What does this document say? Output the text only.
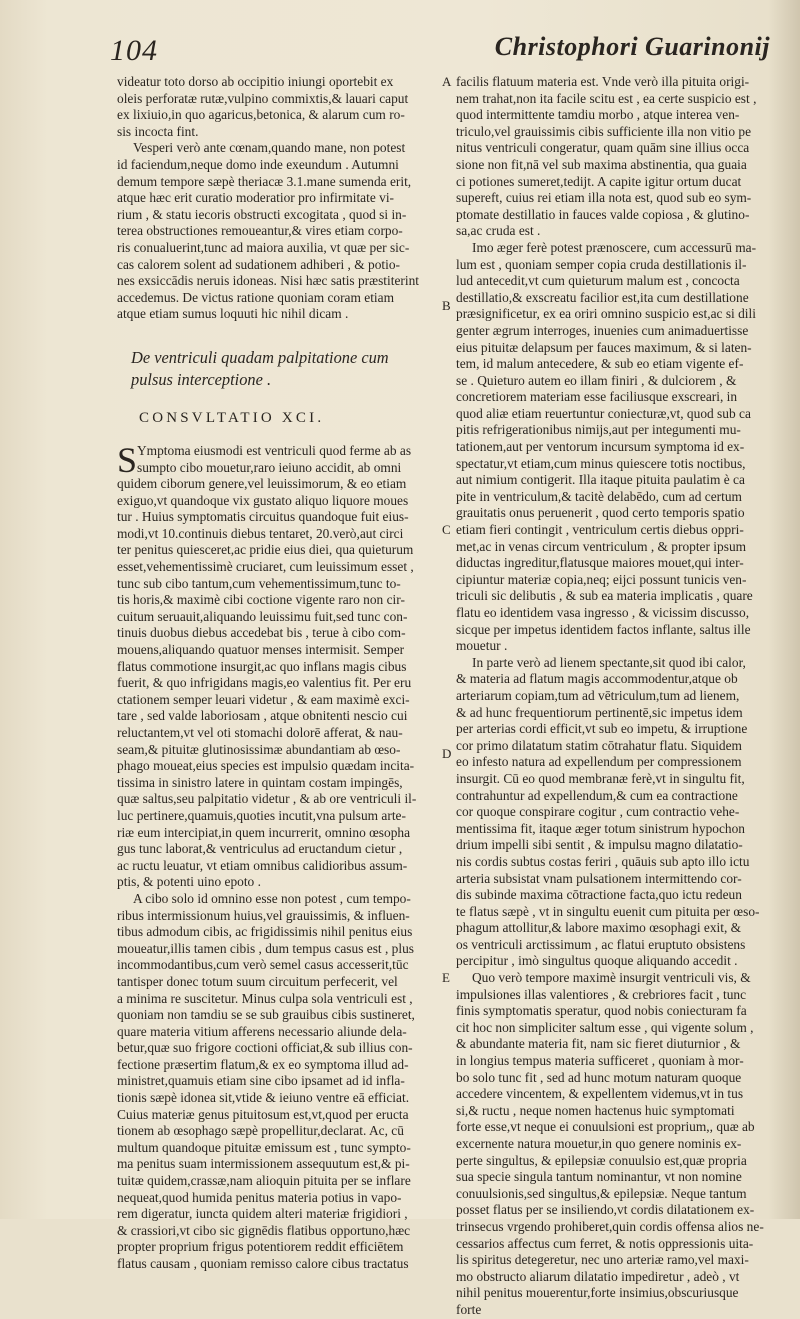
104	Christophori Guarinonij
A
B
C
D
E
videatur toto dorso ab occipitio iniungi oportebit ex
oleis perforatæ rutæ,vulpino commixtis,& lauari caput
ex lixiuio,in quo agaricus,betonica, & alarum cum ro-
sis incocta fint.
Vesperi verò ante cœnam,quando mane, non potest
id faciendum,neque domo inde exeundum . Autumni
demum tempore sæpè theriacæ 3.1.mane sumenda erit,
atque hæc erit curatio moderatior pro infirmitate vi-
rium , & statu iecoris obstructi excogitata , quod si in-
terea obstructiones remoueantur,& vires etiam corpo-
ris conualuerint,tunc ad maiora auxilia, vt quæ per sic-
cas calorem solent ad sudationem adhiberi , & potio-
nes exsiccādis neruis idoneas. Nisi hæc satis præstiterint
accedemus. De victus ratione quoniam coram etiam
atque etiam sumus loquuti hic nihil dicam .
De ventriculi quadam palpitatione cum
pulsus interceptione .
CONSVLTATIO XCI.
S Ymptoma eiusmodi est ventriculi quod ferme ab as
sumpto cibo mouetur,raro ieiuno accidit, ab omni
quidem ciborum genere,vel leuissimorum, & eo etiam
exiguo,vt quandoque vix gustato aliquo liquore moues
tur . Huius symptomatis circuitus quandoque fuit eius-
modi,vt 10.continuis diebus tentaret, 20.verò,aut circi
ter penitus quiesceret,ac pridie eius diei, qua quieturum
esset,vehementissimè cruciaret, cum leuissimum esset ,
tunc sub cibo tantum,cum vehementissimum,tunc to-
tis horis,& maximè cibi coctione vigente raro non cir-
cuitum seruauit,aliquando leuissimu fuit,sed tunc con-
tinuis duobus diebus accedebat bis , terue à cibo com-
mouens,aliquando quatuor menses intermisit. Semper
flatus commotione insurgit,ac quo inflans magis cibus
fuerit, & quo infrigidans magis,eo valentius fit. Per eru
ctationem semper leuari videtur , & eam maximè exci-
tare , sed valde laboriosam , atque obnitenti nescio cui
reluctantem,vt vel oti stomachi dolorē afferat, & nau-
seam,& pituitæ glutinosissimæ abundantiam ab œso-
phago moueat,eius species est impulsio quædam incita-
tissima in sinistro latere in quintam costam impingēs,
quæ saltus,seu palpitatio videtur , & ab ore ventriculi il-
luc pertinere,quamuis,quoties incutit,vna pulsum arte-
riæ eum intercipiat,in quem incurrerit, omnino œsopha
gus tunc laborat,& ventriculus ad eructandum cietur ,
ac ructu leuatur, vt etiam omnibus calidioribus assum-
ptis, & potenti uino epoto .
A cibo solo id omnino esse non potest , cum tempo-
ribus intermissionum huius,vel grauissimis, & influen-
tibus admodum cibis, ac frigidissimis nihil penitus eius
moueatur,illis tamen cibis , dum tempus casus est , plus
incommodantibus,cum verò semel casus accesserit,tūc
tantisper donec totum suum circuitum perfecerit, vel
a minima re suscitetur. Minus culpa sola ventriculi est ,
quoniam non tamdiu se se sub grauibus cibis sustineret,
quare materia vitium afferens necessario aliunde dela-
betur,quæ suo frigore coctioni officiat,& sub illius con-
fectione præsertim flatum,& ex eo symptoma illud ad-
ministret,quamuis etiam sine cibo ipsamet ad id infla-
tionis sæpè idonea sit,vtide & ieiuno ventre eā efficiat.
Cuius materiæ genus pituitosum est,vt,quod per eructa
tionem ab œsophago sæpè propellitur,declarat. Ac, cū
multum quandoque pituitæ emissum est , tunc sympto-
ma penitus suam intermissionem assequutum est,& pi-
tuitæ quidem,crassæ,nam alioquin pituita per se inflare
nequeat,quod humida penitus materia potius in vapo-
rem digeratur, iuncta quidem alteri materiæ frigidiori ,
& crassiori,vt cibo sic gignēdis flatibus opportuno,hæc
propter proprium frigus potentiorem reddit efficiētem
flatus causam , quoniam remisso calore cibus tractatus
facilis flatuum materia est. Vnde verò illa pituita origi-
nem trahat,non ita facile scitu est , ea certe suspicio est ,
quod intermittente tamdiu morbo , atque interea ven-
triculo,vel grauissimis cibis sufficiente illa non vitio pe
nitus ventriculi congeratur, quam quām sine illius occa
sione non fit,nā vel sub maxima abstinentia, qua guaia
ci potiones sumeret,tedijt. A capite igitur ortum ducat
supereft, cuius rei etiam illa nota est, quod sub eo sym-
ptomate destillatio in fauces valde copiosa , & glutino-
sa,ac cruda est .
Imo æger ferè potest prænoscere, cum accessurū ma-
lum est , quoniam semper copia cruda destillationis il-
lud antecedit,vt cum quieturum malum est , concocta
destillatio,& exscreatu facilior est,ita cum destillatione
præsignificetur, ex ea oriri omnino suspicio est,ac si dili
genter ægrum interroges, inuenies cum animaduertisse
eius pituitæ delapsum per fauces maximum, & si laten-
tem, id malum antecedere, & sub eo etiam vigente ef-
se . Quieturo autem eo illam finiri , & dulciorem , &
concretiorem materiam esse faciliusque exscreari, in
quod aliæ etiam reuertuntur coniecturæ,vt, quod sub ca
pitis refrigerationibus nimijs,aut per integumenti mu-
tationem,aut per ventorum incursum symptoma id ex-
spectatur,vt etiam,cum minus quiescere totis noctibus,
aut nimium contigerit. Illa itaque pituita paulatim è ca
pite in ventriculum,& tacitè delabēdo, cum ad certum
grauitatis onus peruenerit , quod certo temporis spatio
etiam fieri contingit , ventriculum certis diebus oppri-
met,ac in venas circum ventriculum , & propter ipsum
diductas ingreditur,flatusque maiores mouet,qui inter-
cipiuntur materiæ copia,neq; eijci possunt tunicis ven-
triculi sic delibutis , & sub ea materia implicatis , quare
flatu eo identidem vasa ingresso , & vicissim discusso,
sicque per impetus identidem factos inflante, saltus ille
mouetur .
In parte verò ad lienem spectante,sit quod ibi calor,
& materia ad flatum magis accommodentur,atque ob
arteriarum copiam,tum ad vētriculum,tum ad lienem,
& ad hunc frequentiorum pertinentē,sic impetus idem
per arterias cordi efficit,vt sub eo impetu, & irruptione
cor primo dilatatum statim cōtrahatur flatu. Siquidem
eo infesto natura ad expellendum per compressionem
insurgit. Cū eo quod membranæ ferè,vt in singultu fit,
contrahuntur ad expellendum,& cum ea contractione
cor quoque conspirare cogitur , cum contractio vehe-
mentissima fit, itaque æger totum sinistrum hypochon
drium impelli sibi sentit , & impulsu magno dilatatio-
nis cordis subtus costas feriri , quāuis sub apto illo ictu
arteria subsistat vnam pulsationem intermittendo cor-
dis subinde maxima cōtractione facta,quo ictu redeun
te flatus sæpè , vt in singultu euenit cum pituita per œso-
phagum attollitur,& labore maximo œsophagi exit, &
os ventriculi arctissimum , ac flatui eruptuto obsistens
percipitur , imò singultus quoque aliquando accedit .
Quo verò tempore maximè insurgit ventriculi vis, &
impulsiones illas valentiores , & crebriores facit , tunc
finis symptomatis speratur, quod nobis coniecturam fa
cit hoc non simpliciter saltum esse , qui vigente solum ,
& abundante materia fit, nam sic fieret diuturnior , &
in longius tempus materia sufficeret , quoniam à mor-
bo solo tunc fit , sed ad hunc motum naturam quoque
accedere vincentem, & expellentem videmus,vt in tus
si,& ructu , neque nomen hactenus huic symptomati
forte esse,vt neque ei conuulsioni est proprium,, quæ ab
excernente natura mouetur,in quo genere nominis ex-
perte singultus, & epilepsiæ conuulsio est,quæ propria
sua specie singula tantum nominantur, vt non nomine
conuulsionis,sed singultus,& epilepsiæ. Neque tantum
posset flatus per se insiliendo,vt cordis dilatationem ex-
trinsecus vrgendo prohiberet,quin cordis offensa alios ne-
cessarios affectus cum ferret, & notis oppressionis uita-
lis spiritus detegeretur, nec uno arteriæ ramo,vel maxi-
mo obstructo aliarum dilatatio impediretur , adeò , vt
nihil penitus mouerentur,forte insimius,obscuriusque
forte
